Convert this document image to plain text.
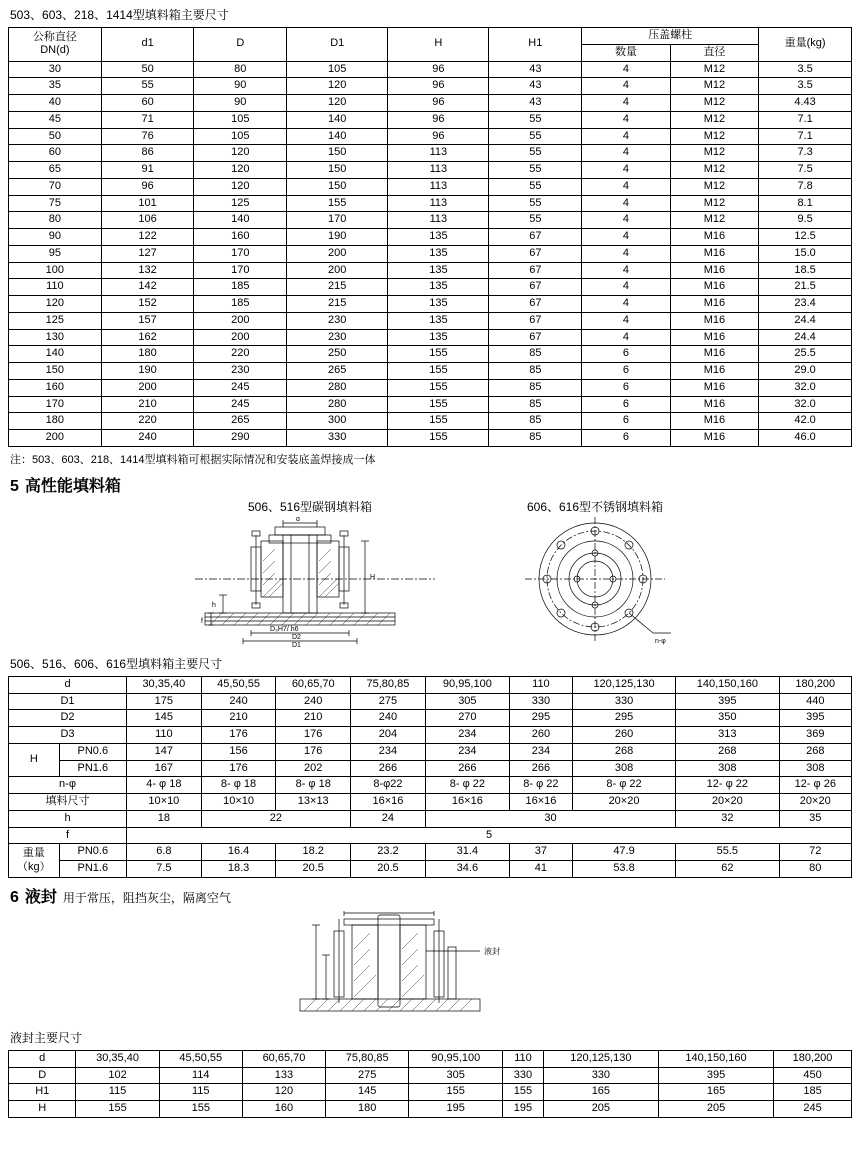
503、603、218、1414型填料箱主要尺寸
公称直径
DN(d)	d1	D	D1	H	H1	压盖螺柱		重量(kg)
						数量	直径	
30	50	80	105	96	43	4	M12	3.5
35	55	90	120	96	43	4	M12	3.5
40	60	90	120	96	43	4	M12	4.43
45	71	105	140	96	55	4	M12	7.1
50	76	105	140	96	55	4	M12	7.1
60	86	120	150	113	55	4	M12	7.3
65	91	120	150	113	55	4	M12	7.5
70	96	120	150	113	55	4	M12	7.8
75	101	125	155	113	55	4	M12	8.1
80	106	140	170	113	55	4	M12	9.5
90	122	160	190	135	67	4	M16	12.5
95	127	170	200	135	67	4	M16	15.0
100	132	170	200	135	67	4	M16	18.5
110	142	185	215	135	67	4	M16	21.5
120	152	185	215	135	67	4	M16	23.4
125	157	200	230	135	67	4	M16	24.4
130	162	200	230	135	67	4	M16	24.4
140	180	220	250	155	85	6	M16	25.5
150	190	230	265	155	85	6	M16	29.0
160	200	245	280	155	85	6	M16	32.0
170	210	245	280	155	85	6	M16	32.0
180	220	265	300	155	85	6	M16	42.0
200	240	290	330	155	85	6	M16	46.0
注：503、603、218、1414型填料箱可根据实际情况和安装底盖焊接成一体
5 高性能填料箱
506、516型碳钢填料箱
d
H
h
f
D₃H7/ h6
D2
D1
606、616型不锈钢填料箱
n-φ
506、516、606、616型填料箱主要尺寸
d		30,35,40	45,50,55	60,65,70	75,80,85	90,95,100	110	120,125,130	140,150,160	180,200
D1		175	240	240	275	305	330	330	395	440
D2		145	210	210	240	270	295	295	350	395
D3		110	176	176	204	234	260	260	313	369
H	PN0.6	147	156	176	234	234	234	268	268	268
	PN1.6	167	176	202	266	266	266	308	308	308
n-φ		4- φ 18	8- φ 18	8- φ 18	8-φ22	8- φ 22	8- φ 22	8- φ 22	12- φ 22	12- φ 26
填料尺寸		10×10	10×10	13×13	16×16	16×16	16×16	20×20	20×20	20×20
h		18	22		24	30			32	35
f		5								
重量（kg）	PN0.6	6.8	16.4	18.2	23.2	31.4	37	47.9	55.5	72
	PN1.6	7.5	18.3	20.5	20.5	34.6	41	53.8	62	80
6 液封 用于常压，阻挡灰尘，隔离空气
液封
液封主要尺寸
d	30,35,40	45,50,55	60,65,70	75,80,85	90,95,100	110	120,125,130	140,150,160	180,200
D	102	114	133	275	305	330	330	395	450
H1	115	115	120	145	155	155	165	165	185
H	155	155	160	180	195	195	205	205	245
